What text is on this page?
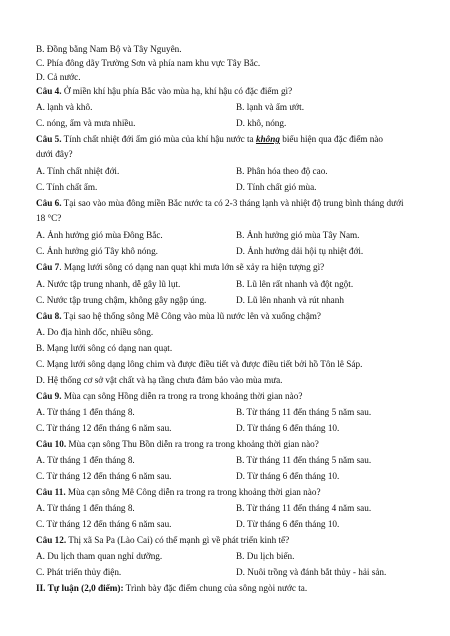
B. Đồng bằng Nam Bộ và Tây Nguyên.
C. Phía đông dãy Trường Sơn và phía nam khu vực Tây Bắc.
D. Cả nước.
Câu 4. Ở miền khí hậu phía Bắc vào mùa hạ, khí hậu có đặc điểm gì?
A. lạnh và khô.	B. lạnh và ẩm ướt.
C. nóng, ẩm và mưa nhiều.	D. khô, nóng.
Câu 5. Tính chất nhiệt đới ẩm gió mùa của khí hậu nước ta không biểu hiện qua đặc điểm nào
dưới đây?
A. Tính chất nhiệt đới.	B. Phân hóa theo độ cao.
C. Tính chất ẩm.	D. Tính chất gió mùa.
Câu 6. Tại sao vào mùa đông miền Bắc nước ta có 2-3 tháng lạnh và nhiệt độ trung bình tháng dưới
18 °C?
A. Ảnh hưởng gió mùa Đông Bắc.	B. Ảnh hưởng gió mùa Tây Nam.
C. Ảnh hưởng gió Tây khô nóng.	D. Ảnh hưởng dải hội tụ nhiệt đới.
Câu 7. Mạng lưới sông có dạng nan quạt khi mưa lớn sẽ xảy ra hiện tượng gì?
A. Nước tập trung nhanh, dễ gây lũ lụt.	B. Lũ lên rất nhanh và đột ngột.
C. Nước tập trung chậm, không gây ngập úng.	D. Lũ lên nhanh và rút nhanh
Câu 8. Tại sao hệ thống sông Mê Công vào mùa lũ nước lên và xuống chậm?
A. Do địa hình dốc, nhiều sông.
B. Mạng lưới sông có dạng nan quạt.
C. Mạng lưới sông dạng lông chim và được điều tiết và được điều tiết bởi hồ Tôn lê Sáp.
D. Hệ thống cơ sở vật chất và hạ tầng chưa đảm bảo vào mùa mưa.
Câu 9. Mùa cạn sông Hồng diễn ra trong ra trong khoảng thời gian nào?
A. Từ tháng 1 đến tháng 8.	B. Từ tháng 11 đến tháng 5 năm sau.
C. Từ tháng 12 đến tháng 6 năm sau.	D. Từ tháng 6 đến tháng 10.
Câu 10. Mùa cạn sông Thu Bồn diễn ra trong ra trong khoảng thời gian nào?
A. Từ tháng 1 đến tháng 8.	B. Từ tháng 11 đến tháng 5 năm sau.
C. Từ tháng 12 đến tháng 6 năm sau.	D. Từ tháng 6 đến tháng 10.
Câu 11. Mùa cạn sông Mê Công diễn ra trong ra trong khoảng thời gian nào?
A. Từ tháng 1 đến tháng 8.	B. Từ tháng 11 đến tháng 4 năm sau.
C. Từ tháng 12 đến tháng 6 năm sau.	D. Từ tháng 6 đến tháng 10.
Câu 12. Thị xã Sa Pa (Lào Cai) có thế mạnh gì về phát triển kinh tế?
A. Du lịch tham quan nghỉ dưỡng.	B. Du lịch biển.
C. Phát triển thủy điện.	D. Nuôi trồng và đánh bắt thủy - hải sản.
II. Tự luận (2,0 điểm): Trình bày đặc điểm chung của sông ngòi nước ta.
